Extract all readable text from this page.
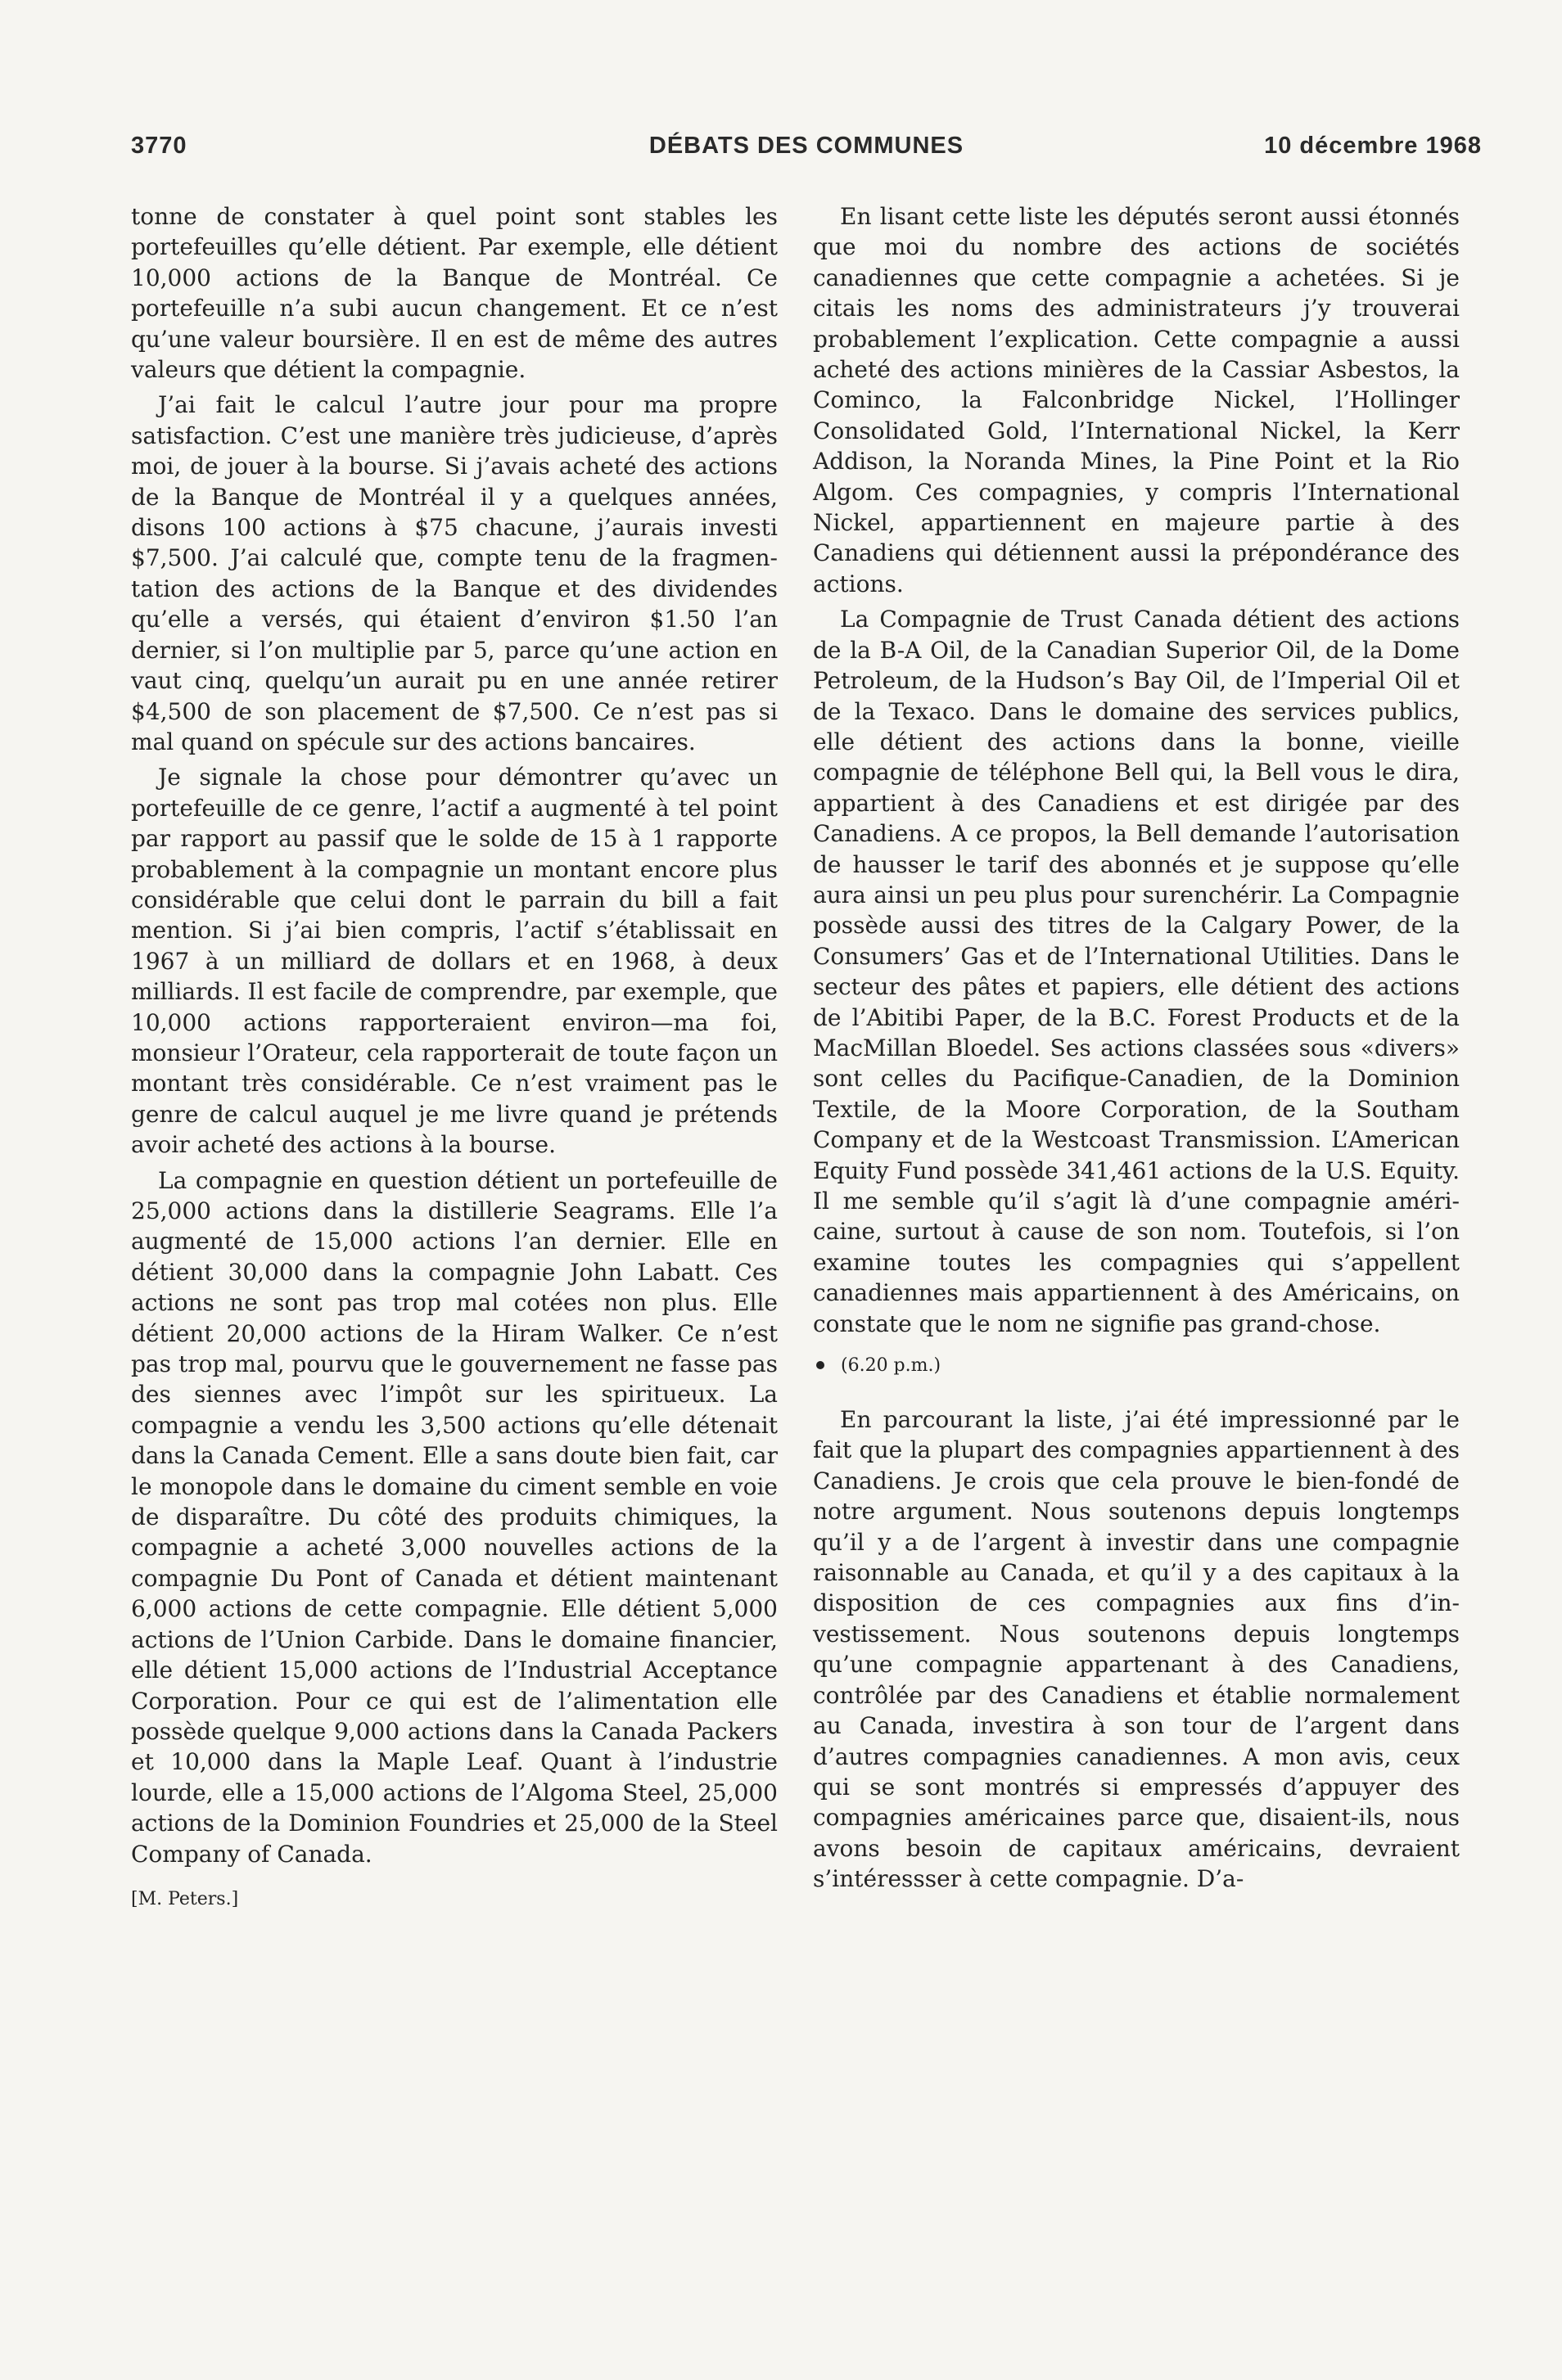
3770	DÉBATS DES COMMUNES	10 décembre 1968

tonne de constater à quel point sont stables les portefeuilles qu’elle détient. Par exemple, elle détient 10,000 actions de la Banque de Montréal. Ce portefeuille n’a subi aucun changement. Et ce n’est qu’une valeur boursière. Il en est de même des autres valeurs que détient la compagnie.

J’ai fait le calcul l’autre jour pour ma propre satisfaction. C’est une manière très judicieuse, d’après moi, de jouer à la bourse. Si j’avais acheté des actions de la Banque de Montréal il y a quelques années, disons 100 actions à $75 chacune, j’aurais investi $7,500. J’ai calculé que, compte tenu de la fragmentation des actions de la Banque et des dividendes qu’elle a versés, qui étaient d’environ $1.50 l’an dernier, si l’on multiplie par 5, parce qu’une action en vaut cinq, quelqu’un aurait pu en une année retirer $4,500 de son placement de $7,500. Ce n’est pas si mal quand on spécule sur des actions bancaires.

Je signale la chose pour démontrer qu’avec un portefeuille de ce genre, l’actif a augmenté à tel point par rapport au passif que le solde de 15 à 1 rapporte probablement à la compagnie un montant encore plus considérable que celui dont le parrain du bill a fait mention. Si j’ai bien compris, l’actif s’établissait en 1967 à un milliard de dollars et en 1968, à deux milliards. Il est facile de comprendre, par exemple, que 10,000 actions rapporteraient environ—ma foi, monsieur l’Orateur, cela rapporterait de toute façon un montant très considérable. Ce n’est vraiment pas le genre de calcul auquel je me livre quand je prétends avoir acheté des actions à la bourse.

La compagnie en question détient un portefeuille de 25,000 actions dans la distillerie Seagrams. Elle l’a augmenté de 15,000 actions l’an dernier. Elle en détient 30,000 dans la compagnie John Labatt. Ces actions ne sont pas trop mal cotées non plus. Elle détient 20,000 actions de la Hiram Walker. Ce n’est pas trop mal, pourvu que le gouvernement ne fasse pas des siennes avec l’impôt sur les spiritueux. La compagnie a vendu les 3,500 actions qu’elle détenait dans la Canada Cement. Elle a sans doute bien fait, car le monopole dans le domaine du ciment semble en voie de disparaître. Du côté des produits chimiques, la compagnie a acheté 3,000 nouvelles actions de la compagnie Du Pont of Canada et détient maintenant 6,000 actions de cette compagnie. Elle détient 5,000 actions de l’Union Carbide. Dans le domaine financier, elle détient 15,000 actions de l’Industrial Acceptance Corporation. Pour ce qui est de l’alimentation elle possède quelque 9,000 actions dans la Canada Packers et 10,000 dans la Maple Leaf. Quant à l’industrie lourde, elle a 15,000 actions de l’Algoma Steel, 25,000 actions de la Dominion Foundries et 25,000 de la Steel Company of Canada.

[M. Peters.]

En lisant cette liste les députés seront aussi étonnés que moi du nombre des actions de sociétés canadiennes que cette compagnie a achetées. Si je citais les noms des administrateurs j’y trouverai probablement l’explication. Cette compagnie a aussi acheté des actions minières de la Cassiar Asbestos, la Cominco, la Falconbridge Nickel, l’Hollinger Consolidated Gold, l’International Nickel, la Kerr Addison, la Noranda Mines, la Pine Point et la Rio Algom. Ces compagnies, y compris l’International Nickel, appartiennent en majeure partie à des Canadiens qui détiennent aussi la prépondérance des actions.

La Compagnie de Trust Canada détient des actions de la B-A Oil, de la Canadian Superior Oil, de la Dome Petroleum, de la Hudson’s Bay Oil, de l’Imperial Oil et de la Texaco. Dans le domaine des services publics, elle détient des actions dans la bonne, vieille compagnie de téléphone Bell qui, la Bell vous le dira, appartient à des Canadiens et est dirigée par des Canadiens. A ce propos, la Bell demande l’autorisation de hausser le tarif des abonnés et je suppose qu’elle aura ainsi un peu plus pour surenchérir. La Compagnie possède aussi des titres de la Calgary Power, de la Consumers’ Gas et de l’International Utilities. Dans le secteur des pâtes et papiers, elle détient des actions de l’Abitibi Paper, de la B.C. Forest Products et de la MacMillan Bloedel. Ses actions classées sous «divers» sont celles du Pacifique-Canadien, de la Dominion Textile, de la Moore Corporation, de la Southam Company et de la Westcoast Transmission. L’American Equity Fund possède 341,461 actions de la U.S. Equity. Il me semble qu’il s’agit là d’une compagnie américaine, surtout à cause de son nom. Toutefois, si l’on examine toutes les compagnies qui s’appellent canadiennes mais appartiennent à des Américains, on constate que le nom ne signifie pas grand-chose.

(6.20 p.m.)

En parcourant la liste, j’ai été impressionné par le fait que la plupart des compagnies appartiennent à des Canadiens. Je crois que cela prouve le bien-fondé de notre argument. Nous soutenons depuis longtemps qu’il y a de l’argent à investir dans une compagnie raisonnable au Canada, et qu’il y a des capitaux à la disposition de ces compagnies aux fins d’investissement. Nous soutenons depuis longtemps qu’une compagnie appartenant à des Canadiens, contrôlée par des Canadiens et établie normalement au Canada, investira à son tour de l’argent dans d’autres compagnies canadiennes. A mon avis, ceux qui se sont montrés si empressés d’appuyer des compagnies américaines parce que, disaient-ils, nous avons besoin de capitaux américains, devraient s’intéressser à cette compagnie. D’a-
